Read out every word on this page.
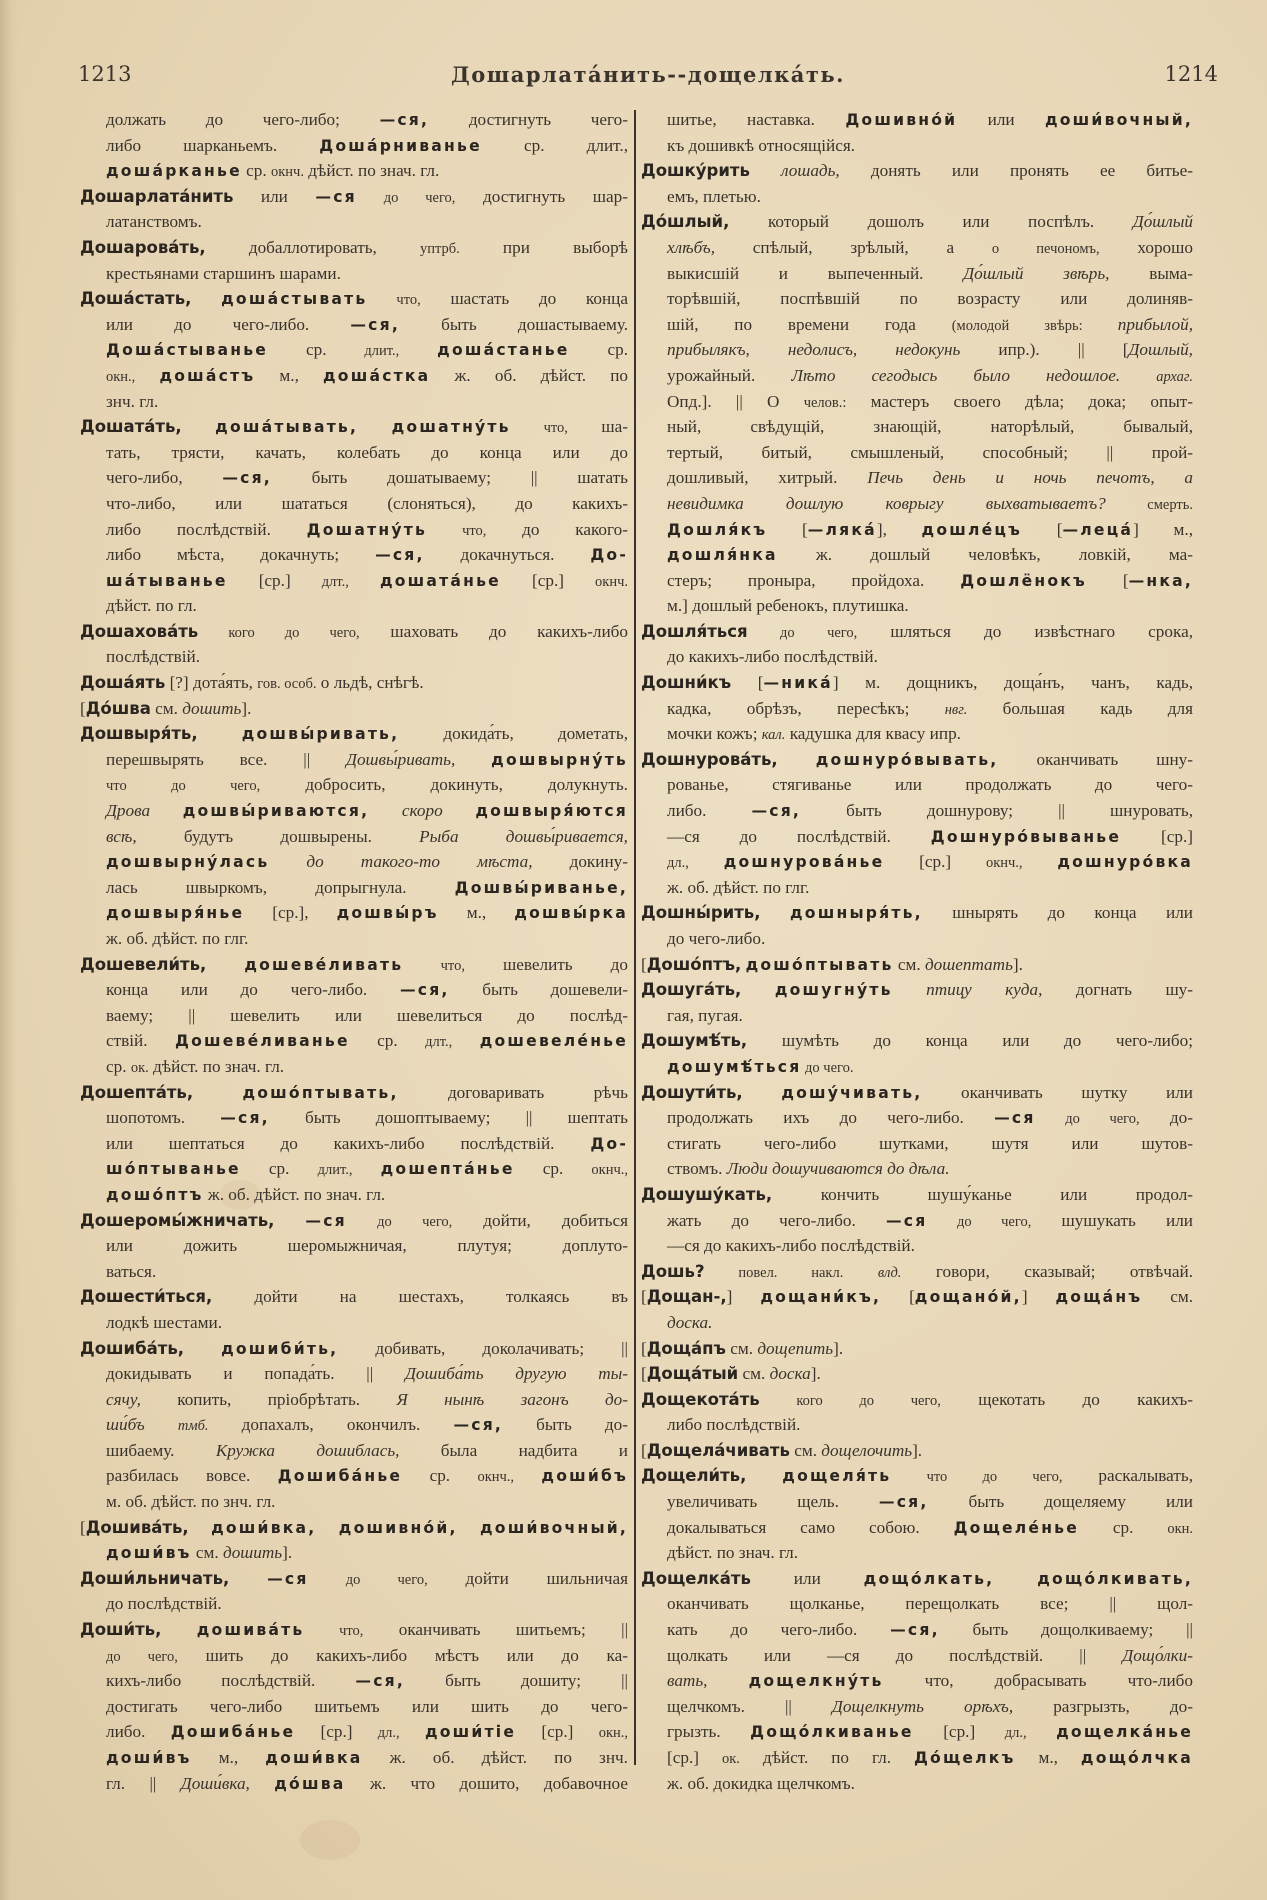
1213	Дошарлата́нить--дощелка́ть.	1214
должать до чего-либо; —ся, достигнуть чего-
либо шарканьемъ. Доша́рниванье ср. длит.,
доша́рканье ср. окнч. дѣйст. по знач. гл.
Дошарлата́нить или —ся до чего, достигнуть шар-
латанствомъ.
Дошарова́ть, добаллотировать, уптрб. при выборѣ
крестьянами старшинъ шарами.
Доша́стать, доша́стывать что, шастать до конца
или до чего-либо. —ся, быть дошастываему.
Доша́стыванье ср. длит., доша́станье ср.
окн., доша́стъ м., доша́стка ж. об. дѣйст. по
знч. гл.
Дошата́ть, доша́тывать, дошатну́ть что, ша-
тать, трясти, качать, колебать до конца или до
чего-либо, —ся, быть дошатываему; || шатать
что-либо, или шататься (слоняться), до какихъ-
либо послѣдствій. Дошатну́ть что, до какого-
либо мѣста, докачнуть; —ся, докачнуться. До-
ша́тыванье [ср.] длт., дошата́нье [ср.] окнч.
дѣйст. по гл.
Дошахова́ть кого до чего, шаховать до какихъ-либо
послѣдствій.
Доша́ять [?] дота́ять, гов. особ. о льдѣ, снѣгѣ.
[До́шва см. дошить].
Дошвыря́ть,	дошвы́ривать, докида́ть, дометать,
перешвырять все. || Дошвы́ривать, дошвырну́ть
что до чего, добросить, докинуть, долукнуть.
Дрова дошвы́риваются, скоро дошвыря́ются
всѣ, будутъ дошвырены. Рыба дошвы́ривается,
дошвырну́лась до такого-то мѣста, докину-
лась швыркомъ, допрыгнула. Дошвы́риванье,
дошвыря́нье [ср.], дошвы́ръ м., дошвы́рка
ж. об. дѣйст. по глг.
Дошевели́ть, дошеве́ливать что, шевелить до
конца или до чего-либо. —ся, быть дошевели-
ваему; || шевелить или шевелиться до послѣд-
ствій. Дошеве́ливанье ср. длт., дошевеле́нье
ср. ок. дѣйст. по знач. гл.
Дошепта́ть,	дошо́птывать, договаривать рѣчь
шопотомъ. —ся, быть дошоптываему; || шептать
или шептаться до какихъ-либо послѣдствій. До-
шо́птыванье ср. длит., дошепта́нье ср. окнч.,
дошо́птъ ж. об. дѣйст. по знач. гл.
Дошеромы́жничать, —ся до чего, дойти, добиться
или дожить шеромыжничая, плутуя; доплуто-
ваться.
Дошести́ться, дойти на шестахъ, толкаясь въ
лодкѣ шестами.
Дошиба́ть, дошиби́ть, добивать, доколачивать; ||
докидывать и попада́ть. || Дошиба́ть другую ты-
сячу, копить, пріобрѣтать. Я нынѣ загонъ до-
ши́бъ тмб. допахалъ, окончилъ. —ся, быть до-
шибаему. Кружка дошиблась, была надбита и
разбилась вовсе. Дошиба́нье ср. окнч., доши́бъ
м. об. дѣйст. по знч. гл.
[Дошива́ть, доши́вка, дошивно́й, доши́вочный,
доши́въ см. дошить].
Доши́льничать, —ся до чего, дойти шильничая
до послѣдствій.
Доши́ть, дошива́ть что, оканчивать шитьемъ; ||
до чего, шить до какихъ-либо мѣстъ или до ка-
кихъ-либо послѣдствій. —ся, быть дошиту; ||
достигать чего-либо шитьемъ или шить до чего-
либо. Дошиба́нье [ср.] дл., доши́тіе [ср.] окн.,
доши́въ м., доши́вка ж. об. дѣйст. по знч.
гл. || Доши́вка, до́шва ж. что дошито, добавочное
шитье, наставка. Дошивно́й или доши́вочный,
къ дошивкѣ относящійся.
Дошку́рить лошадь, донять или пронять ее битье-
емъ, плетью.
До́шлый, который дошолъ или поспѣлъ. До́шлый
хлѣбъ, спѣлый, зрѣлый, а о печономъ, хорошо
выкисшій и выпеченный. До́шлый звѣрь, выма-
торѣвшій, поспѣвшій по возрасту или долиняв-
шій, по времени года (молодой звѣрь: прибылой,
прибылякъ, недолисъ, недокунь ипр.). || [Дошлый,
урожайный. Лѣто сегодысь было недошлое. архаг.
Опд.]. || О челов.: мастеръ своего дѣла; дока; опыт-
ный, свѣдущій, знающій, наторѣлый, бывалый,
тертый, битый, смышленый, способный; || прой-
дошливый, хитрый. Печь день и ночь печотъ, а
невидимка дошлую коврыгу выхватываетъ? смерть.
Дошля́къ [—ляка́], дошле́цъ [—леца́] м.,
дошля́нка ж. дошлый человѣкъ, ловкій, ма-
стеръ; проныра, пройдоха. Дошлёнокъ [—нка,
м.] дошлый ребенокъ, плутишка.
Дошля́ться до чего, шляться до извѣстнаго срока,
до какихъ-либо послѣдствій.
Дошни́къ [—ника́] м. дощникъ, доща́нъ, чанъ, кадь,
кадка, обрѣзъ, пересѣкъ; нвг. большая кадь для
мочки кожъ; кал. кадушка для квасу ипр.
Дошнурова́ть, дошнуро́вывать, оканчивать шну-
рованье, стягиванье или продолжать до чего-
либо. —ся, быть дошнурову; || шнуровать,
—ся до послѣдствій. Дошнуро́вываньe [ср.]
дл., дошнурова́нье [ср.] окнч., дошнуро́вка
ж. об. дѣйст. по глг.
Дошны́рить, дошныря́ть, шнырять до конца или
до чего-либо.
[Дошо́птъ, дошо́птывать см. дошептать].
Дошуга́ть, дошугну́ть птицу куда, догнать шу-
гая, пугая.
Дошумѣ́ть, шумѣть до конца или до чего-либо;
дошумѣ́ться до чего.
Дошути́ть, дошу́чивать, оканчивать шутку или
продолжать ихъ до чего-либо. —ся до чего, до-
стигать чего-либо шутками, шутя или шутов-
ствомъ. Люди дошучиваются до дѣла.
Дошушу́кать, кончить шушу́канье или продол-
жать до чего-либо. —ся до чего, шушукать или
—ся до какихъ-либо послѣдствій.
Дошь? повел. накл. влд. говори, сказывай; отвѣчай.
[Дощан-,] дощани́къ, [дощано́й,] доща́нъ см.
доска.
[Доща́пъ см. дощепить].
[Доща́тый см. доска].
Дощекота́ть кого до чего, щекотать до какихъ-
либо послѣдствій.
[Дощела́чивать см. дощелочить].
Дощели́ть, дощеля́ть что до чего, раскалывать,
увеличивать щель. —ся, быть дощеляему или
докалываться само собою. Дощеле́нье ср. окн.
дѣйст. по знач. гл.
Дощелка́ть или дощо́лкать,	дощо́лкивать,
оканчивать щолканье, перещолкать все; || щол-
кать до чего-либо. —ся, быть дощолкиваему; ||
щолкать или —ся до послѣдствій. || Дощо́лки-
вать,	дощелкну́ть что, добрасывать что-либо
щелчкомъ. || Дощелкнуть орѣхъ, разгрызть, до-
грызть. Дощо́лкиванье [ср.] дл., дощелка́нье
[ср.] ок. дѣйст. по гл. До́щелкъ м., дощо́лчка
ж. об. докидка щелчкомъ.
